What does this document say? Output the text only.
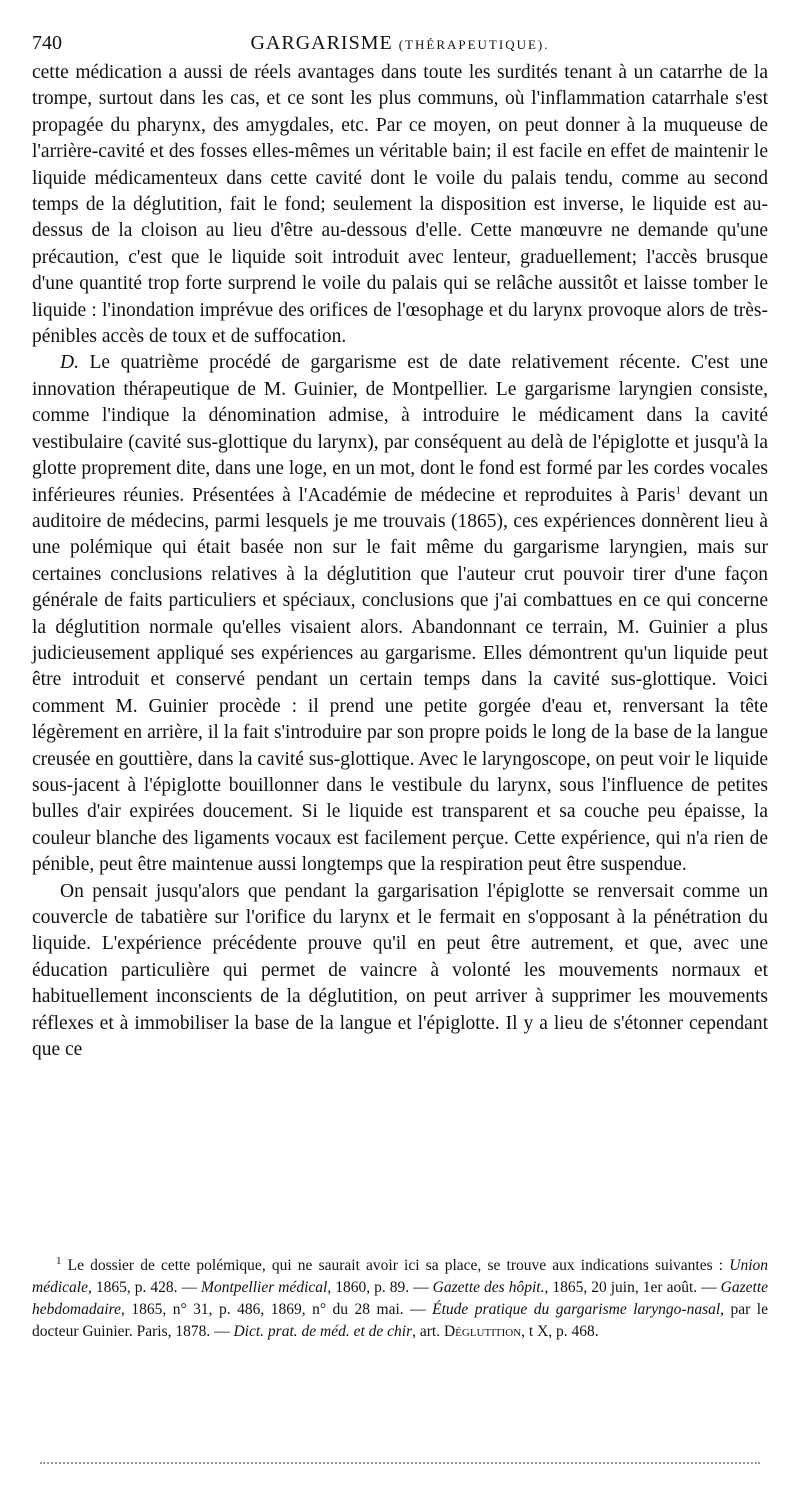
740	GARGARISME (THÉRAPEUTIQUE).

cette médication a aussi de réels avantages dans toute les surdités tenant à un catarrhe de la trompe, surtout dans les cas, et ce sont les plus communs, où l'inflammation catarrhale s'est propagée du pharynx, des amygdales, etc. Par ce moyen, on peut donner à la muqueuse de l'arrière-cavité et des fosses elles-mêmes un véritable bain; il est facile en effet de maintenir le liquide médicamenteux dans cette cavité dont le voile du palais tendu, comme au second temps de la déglutition, fait le fond; seulement la disposition est inverse, le liquide est au-dessus de la cloison au lieu d'être au-dessous d'elle. Cette manœuvre ne demande qu'une précaution, c'est que le liquide soit introduit avec lenteur, graduellement; l'accès brusque d'une quantité trop forte surprend le voile du palais qui se relâche aussitôt et laisse tomber le liquide : l'inondation imprévue des orifices de l'œsophage et du larynx provoque alors de très-pénibles accès de toux et de suffocation.

D. Le quatrième procédé de gargarisme est de date relativement récente. C'est une innovation thérapeutique de M. Guinier, de Montpellier. Le gargarisme laryngien consiste, comme l'indique la dénomination admise, à introduire le médicament dans la cavité vestibulaire (cavité sus-glottique du larynx), par conséquent au delà de l'épiglotte et jusqu'à la glotte proprement dite, dans une loge, en un mot, dont le fond est formé par les cordes vocales inférieures réunies. Présentées à l'Académie de médecine et reproduites à Paris$^1$ devant un auditoire de médecins, parmi lesquels je me trouvais (1865), ces expériences donnèrent lieu à une polémique qui était basée non sur le fait même du gargarisme laryngien, mais sur certaines conclusions relatives à la déglutition que l'auteur crut pouvoir tirer d'une façon générale de faits particuliers et spéciaux, conclusions que j'ai combattues en ce qui concerne la déglutition normale qu'elles visaient alors. Abandonnant ce terrain, M. Guinier a plus judicieusement appliqué ses expériences au gargarisme. Elles démontrent qu'un liquide peut être introduit et conservé pendant un certain temps dans la cavité sus-glottique. Voici comment M. Guinier procède : il prend une petite gorgée d'eau et, renversant la tête légèrement en arrière, il la fait s'introduire par son propre poids le long de la base de la langue creusée en gouttière, dans la cavité sus-glottique. Avec le laryngoscope, on peut voir le liquide sous-jacent à l'épiglotte bouillonner dans le vestibule du larynx, sous l'influence de petites bulles d'air expirées doucement. Si le liquide est transparent et sa couche peu épaisse, la couleur blanche des ligaments vocaux est facilement perçue. Cette expérience, qui n'a rien de pénible, peut être maintenue aussi longtemps que la respiration peut être suspendue.

On pensait jusqu'alors que pendant la gargarisation l'épiglotte se renversait comme un couvercle de tabatière sur l'orifice du larynx et le fermait en s'opposant à la pénétration du liquide. L'expérience précédente prouve qu'il en peut être autrement, et que, avec une éducation particulière qui permet de vaincre à volonté les mouvements normaux et habituellement inconscients de la déglutition, on peut arriver à supprimer les mouvements réflexes et à immobiliser la base de la langue et l'épiglotte. Il y a lieu de s'étonner cependant que ce

$^1$ Le dossier de cette polémique, qui ne saurait avoir ici sa place, se trouve aux indications suivantes : Union médicale, 1865, p. 428. — Montpellier médical, 1860, p. 89. — Gazette des hôpit., 1865, 20 juin, 1er août. — Gazette hebdomadaire, 1865, n° 31, p. 486, 1869, n° du 28 mai. — Étude pratique du gargarisme laryngo-nasal, par le docteur Guinier. Paris, 1878. — Dict. prat. de méd. et de chir, art. Déglutition, t X, p. 468.
